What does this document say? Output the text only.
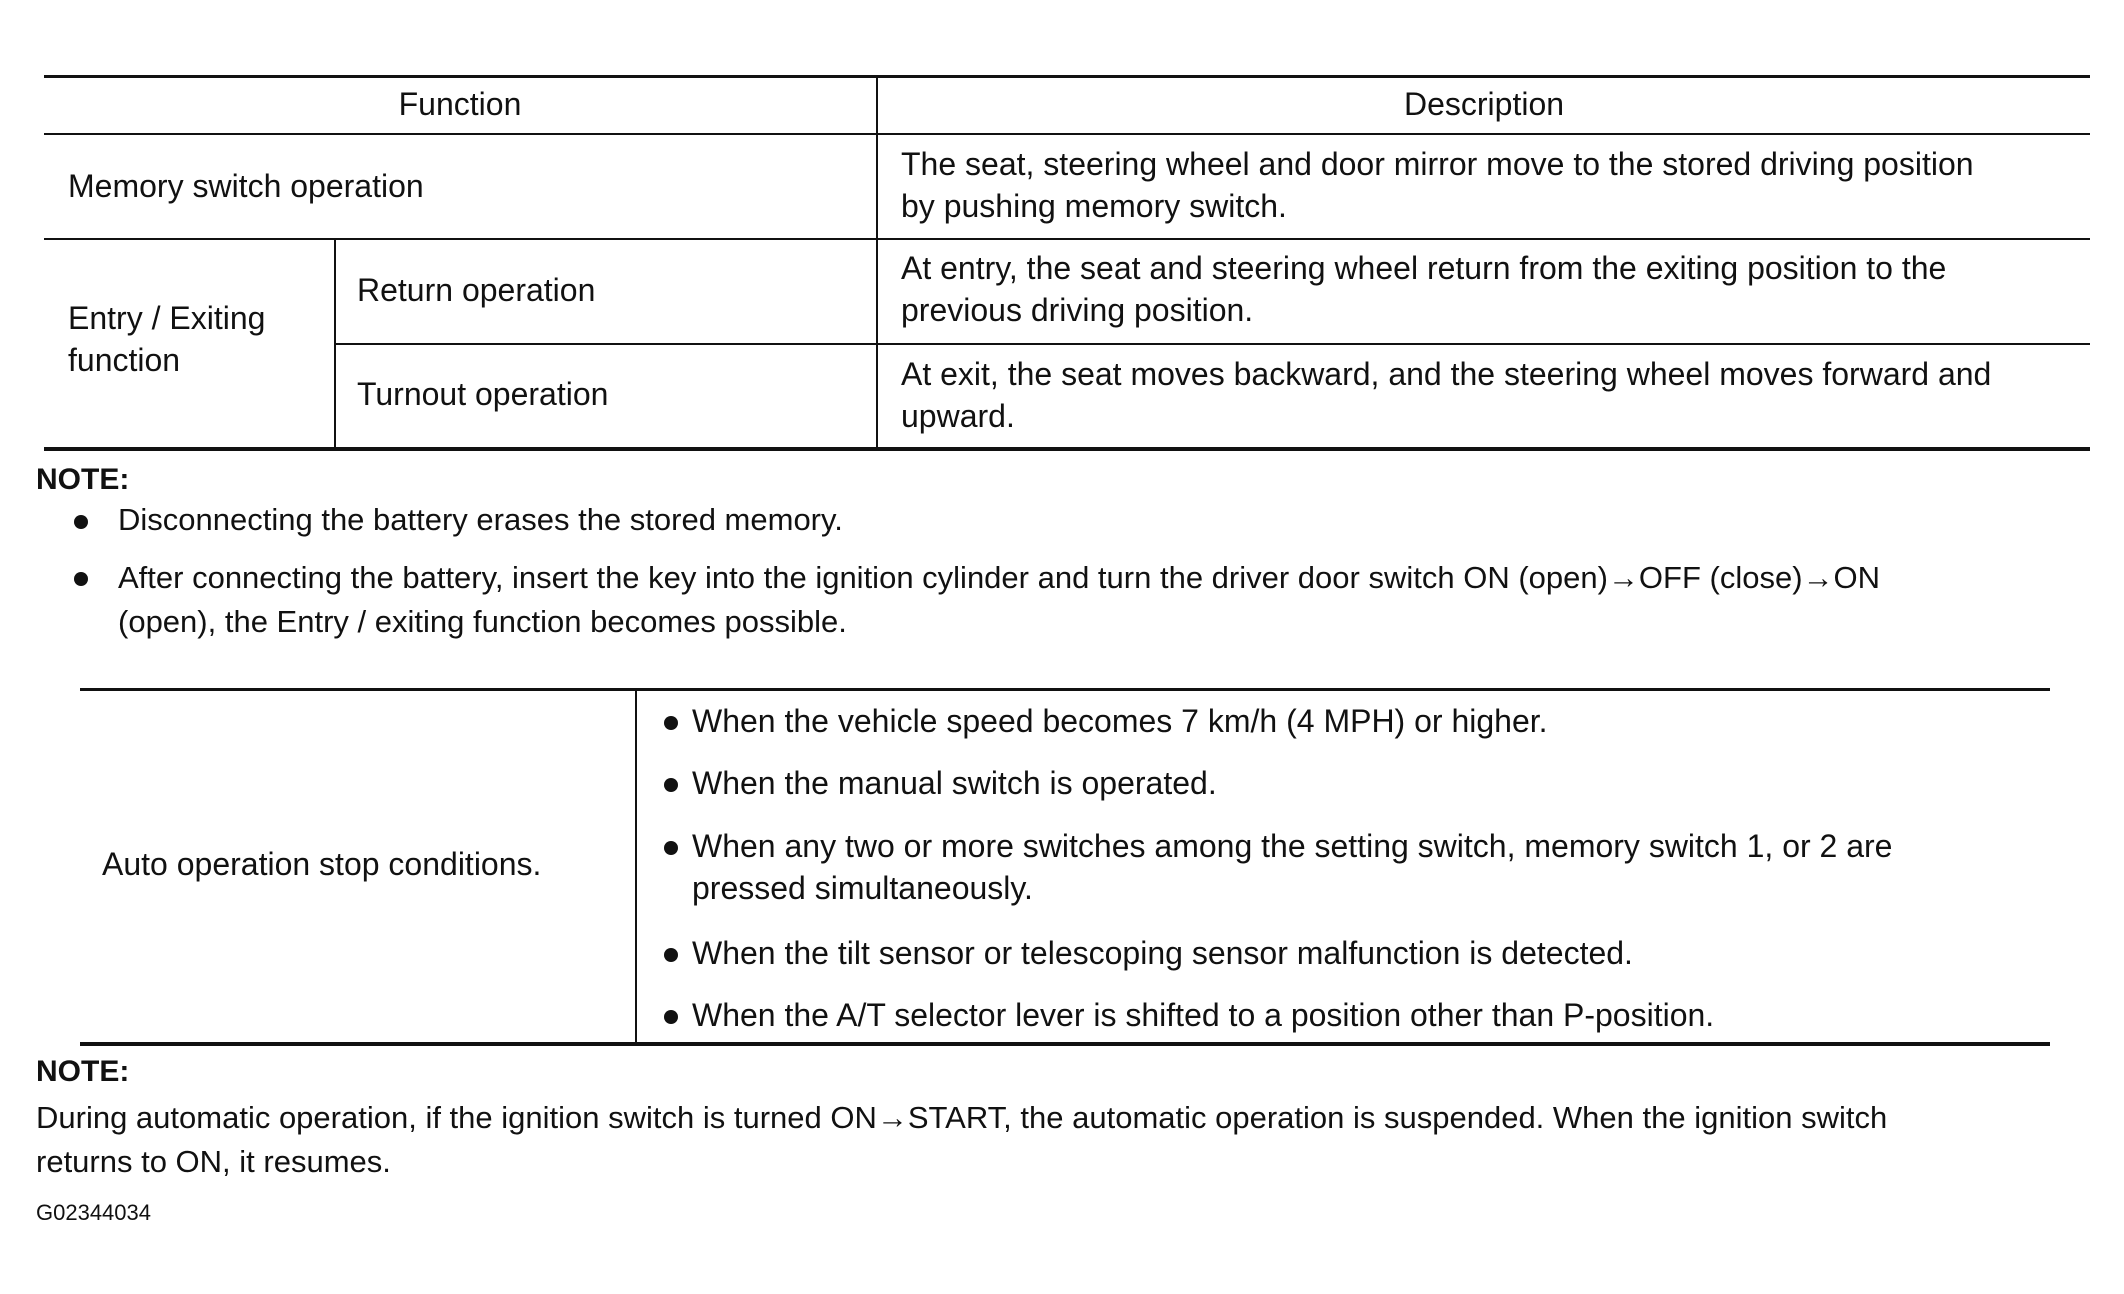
Function	Description
Memory switch operation
The seat, steering wheel and door mirror move to the stored driving position
by pushing memory switch.
Entry / Exiting
function
Return operation
At entry, the seat and steering wheel return from the exiting position to the
previous driving position.
Turnout operation
At exit, the seat moves backward, and the steering wheel moves forward and
upward.
NOTE:
Disconnecting the battery erases the stored memory.
After connecting the battery, insert the key into the ignition cylinder and turn the driver door switch ON (open)→OFF (close)→ON
(open), the Entry / exiting function becomes possible.
Auto operation stop conditions.
When the vehicle speed becomes 7 km/h (4 MPH) or higher.
When the manual switch is operated.
When any two or more switches among the setting switch, memory switch 1, or 2 are
pressed simultaneously.
When the tilt sensor or telescoping sensor malfunction is detected.
When the A/T selector lever is shifted to a position other than P-position.
NOTE:
During automatic operation, if the ignition switch is turned ON→START, the automatic operation is suspended. When the ignition switch
returns to ON, it resumes.
G02344034
